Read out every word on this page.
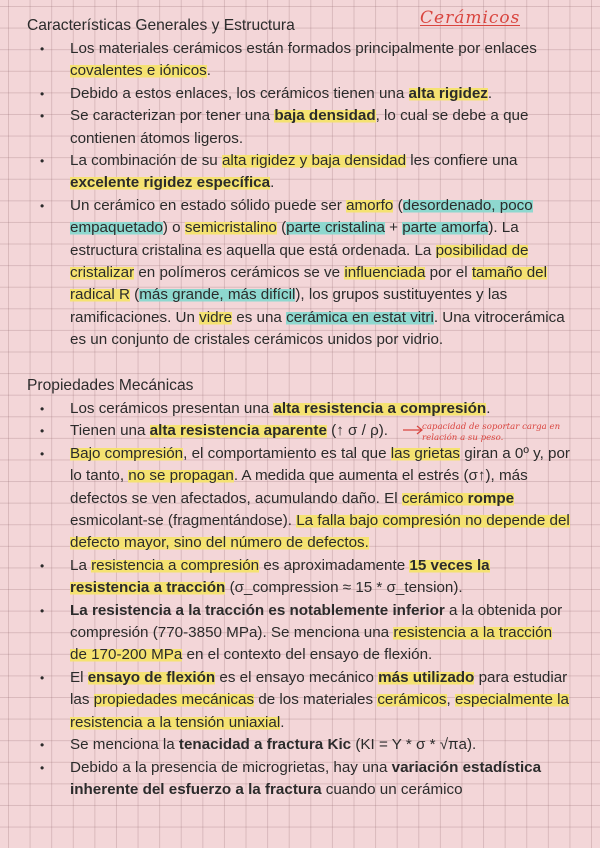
Características Generales y Estructura	Cerámicos
• Los materiales cerámicos están formados principalmente por enlaces covalentes e iónicos.
• Debido a estos enlaces, los cerámicos tienen una alta rigidez.
• Se caracterizan por tener una baja densidad, lo cual se debe a que contienen átomos ligeros.
• La combinación de su alta rigidez y baja densidad les confiere una excelente rigidez específica.
• Un cerámico en estado sólido puede ser amorfo (desordenado, poco empaquetado) o semicristalino (parte cristalina + parte amorfa). La estructura cristalina es aquella que está ordenada. La posibilidad de cristalizar en polímeros cerámicos se ve influenciada por el tamaño del radical R (más grande, más difícil), los grupos sustituyentes y las ramificaciones. Un vidre es una cerámica en estat vitri. Una vitrocerámica es un conjunto de cristales cerámicos unidos por vidrio.
Propiedades Mecánicas
• Los cerámicos presentan una alta resistencia a compresión.
• Tienen una alta resistencia aparente (↑ σ / ρ).
• Bajo compresión, el comportamiento es tal que las grietas giran a 0º y, por lo tanto, no se propagan. A medida que aumenta el estrés (σ↑), más defectos se ven afectados, acumulando daño. El cerámico rompe esmicolant-se (fragmentándose). La falla bajo compresión no depende del defecto mayor, sino del número de defectos.
• La resistencia a compresión es aproximadamente 15 veces la resistencia a tracción (σ_compression ≈ 15 * σ_tension).
• La resistencia a la tracción es notablemente inferior a la obtenida por compresión (770-3850 MPa). Se menciona una resistencia a la tracción de 170-200 MPa en el contexto del ensayo de flexión.
• El ensayo de flexión es el ensayo mecánico más utilizado para estudiar las propiedades mecánicas de los materiales cerámicos, especialmente la resistencia a la tensión uniaxial.
• Se menciona la tenacidad a fractura Kic (KI = Y * σ * √πa).
• Debido a la presencia de microgrietas, hay una variación estadística inherente del esfuerzo a la fractura cuando un cerámico
capacidad de soportar carga en relación a su peso.
